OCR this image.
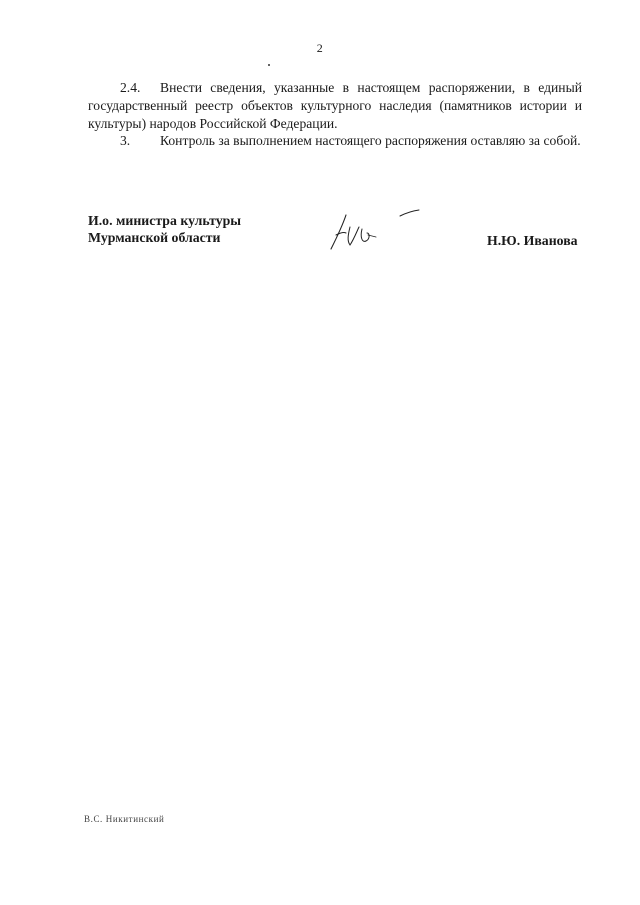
2

2.4. Внести сведения, указанные в настоящем распоряжении, в единый государственный реестр объектов культурного наследия (памятников истории и культуры) народов Российской Федерации.

3. Контроль за выполнением настоящего распоряжения оставляю за собой.

И.о. министра культуры
Мурманской области	Н.Ю. Иванова
В.С. Никитинский
